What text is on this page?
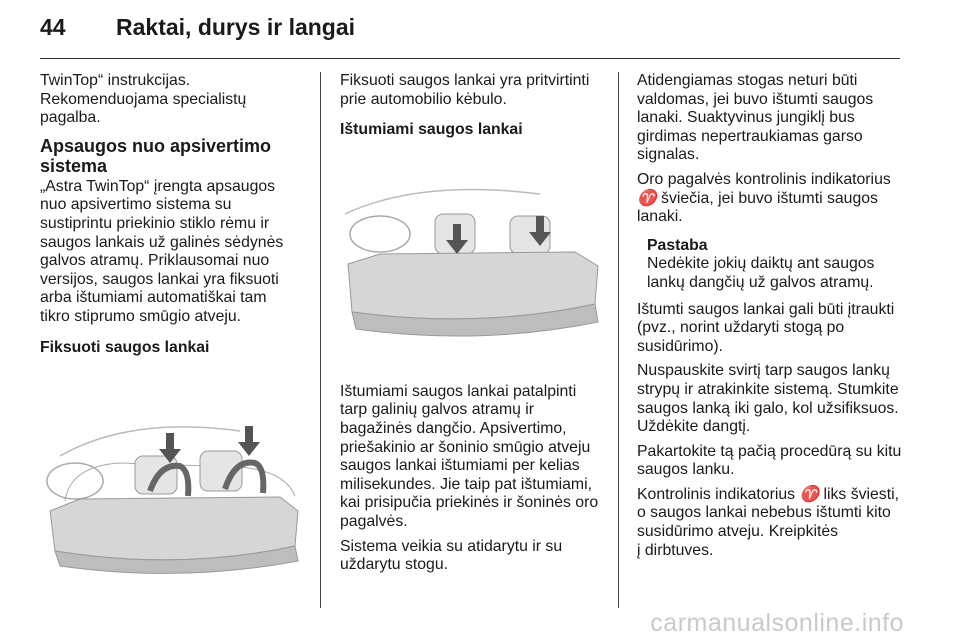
44	Raktai, durys ir langai

TwinTop“ instrukcijas.
Rekomenduojama specialistų
pagalba.

Apsaugos nuo apsivertimo
sistema

„Astra TwinTop“ įrengta apsaugos
nuo apsivertimo sistema su
sustiprintu priekinio stiklo rėmu ir
saugos lankais už galinės sėdynės
galvos atramų. Priklausomai nuo
versijos, saugos lankai yra fiksuoti
arba ištumiami automatiškai tam
tikro stiprumo smūgio atveju.

Fiksuoti saugos lankai

Fiksuoti saugos lankai yra pritvirtinti
prie automobilio kėbulo.

Ištumiami saugos lankai

Ištumiami saugos lankai patalpinti
tarp galinių galvos atramų ir
bagažinės dangčio. Apsivertimo,
priešakinio ar šoninio smūgio atveju
saugos lankai ištumiami per kelias
milisekundes. Jie taip pat ištumiami,
kai prisipučia priekinės ir šoninės oro
pagalvės.

Sistema veikia su atidarytu ir su
uždarytu stogu.

Atidengiamas stogas neturi būti
valdomas, jei buvo ištumti saugos
lanaki. Suaktyvinus jungiklį bus
girdimas nepertraukiamas garso
signalas.

Oro pagalvės kontrolinis indikatorius
♈ šviečia, jei buvo ištumti saugos
lanaki.

Pastaba

Nedėkite jokių daiktų ant saugos
lankų dangčių už galvos atramų.

Ištumti saugos lankai gali būti įtraukti
(pvz., norint uždaryti stogą po
susidūrimo).

Nuspauskite svirtį tarp saugos lankų
strypų ir atrakinkite sistemą. Stumkite
saugos lanką iki galo, kol užsifiksuos.
Uždėkite dangtį.

Pakartokite tą pačią procedūrą su kitu
saugos lanku.

Kontrolinis indikatorius ♈ liks šviesti,
o saugos lankai nebebus ištumti kito
susidūrimo atveju. Kreipkitės
į dirbtuves.

carmanualsonline.info
